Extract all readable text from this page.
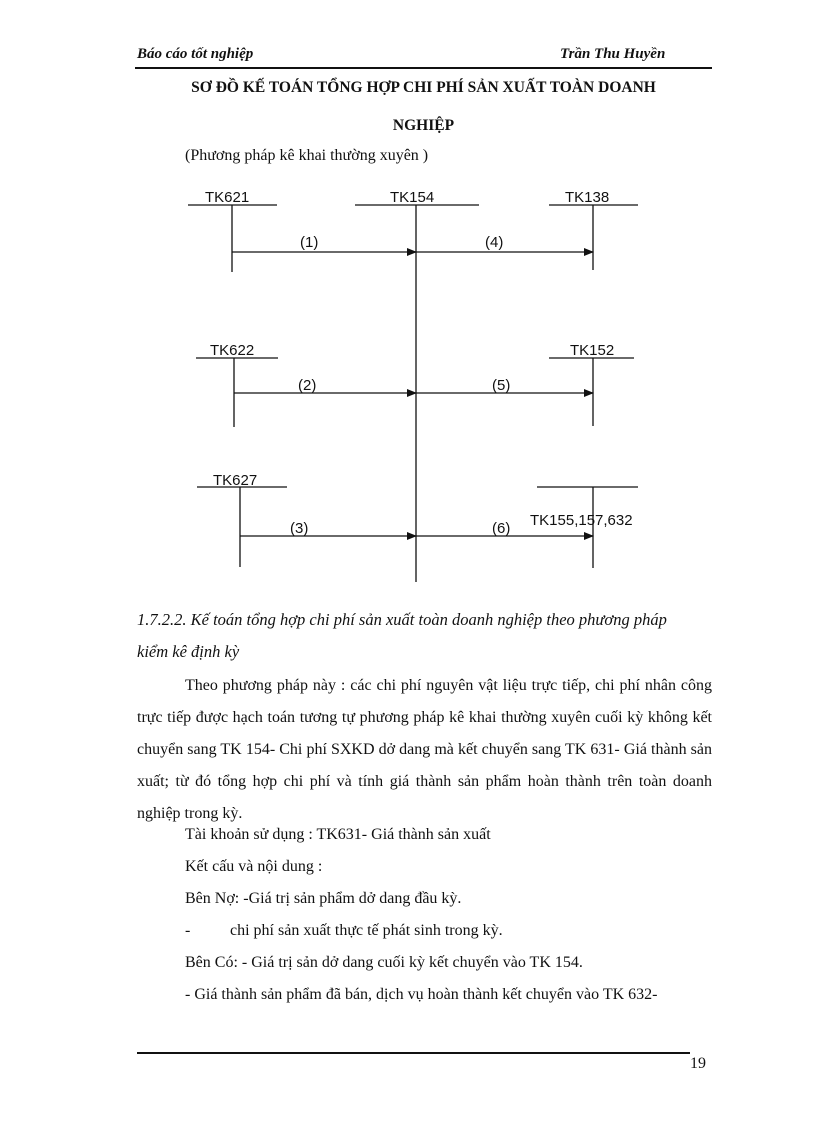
Báo cáo tốt nghiệp	Trần Thu Huyền
SƠ ĐỒ KẾ TOÁN TỔNG HỢP CHI PHÍ SẢN XUẤT TOÀN DOANH
NGHIỆP
(Phương pháp kê khai thường xuyên )
TK621	TK154	TK138
TK622	TK152
TK627
TK155,157,632
(1)
(2)
(3)
(4)
(5)
(6)
1.7.2.2. Kế toán tổng hợp chi phí sản xuất toàn doanh nghiệp theo phương pháp
kiểm kê định kỳ
Theo phương pháp này : các chi phí nguyên vật liệu trực tiếp, chi phí nhân công trực tiếp được hạch toán tương tự phương pháp kê khai thường xuyên cuối kỳ không kết chuyển sang TK 154- Chi phí SXKD dở dang mà kết chuyển sang TK 631- Giá thành sản xuất; từ đó tổng hợp chi phí và tính giá thành sản phẩm hoàn thành trên toàn doanh nghiệp trong kỳ.
Tài khoản sử dụng : TK631- Giá thành sản xuất
Kết cấu và nội dung :
Bên Nợ: -Giá trị sản phẩm dở dang đầu kỳ.
- chi phí sản xuất thực tế phát sinh trong kỳ.
Bên Có: - Giá trị sản dở dang cuối kỳ kết chuyển vào TK 154.
- Giá thành sản phẩm đã bán, dịch vụ hoàn thành kết chuyển vào TK 632-
19
